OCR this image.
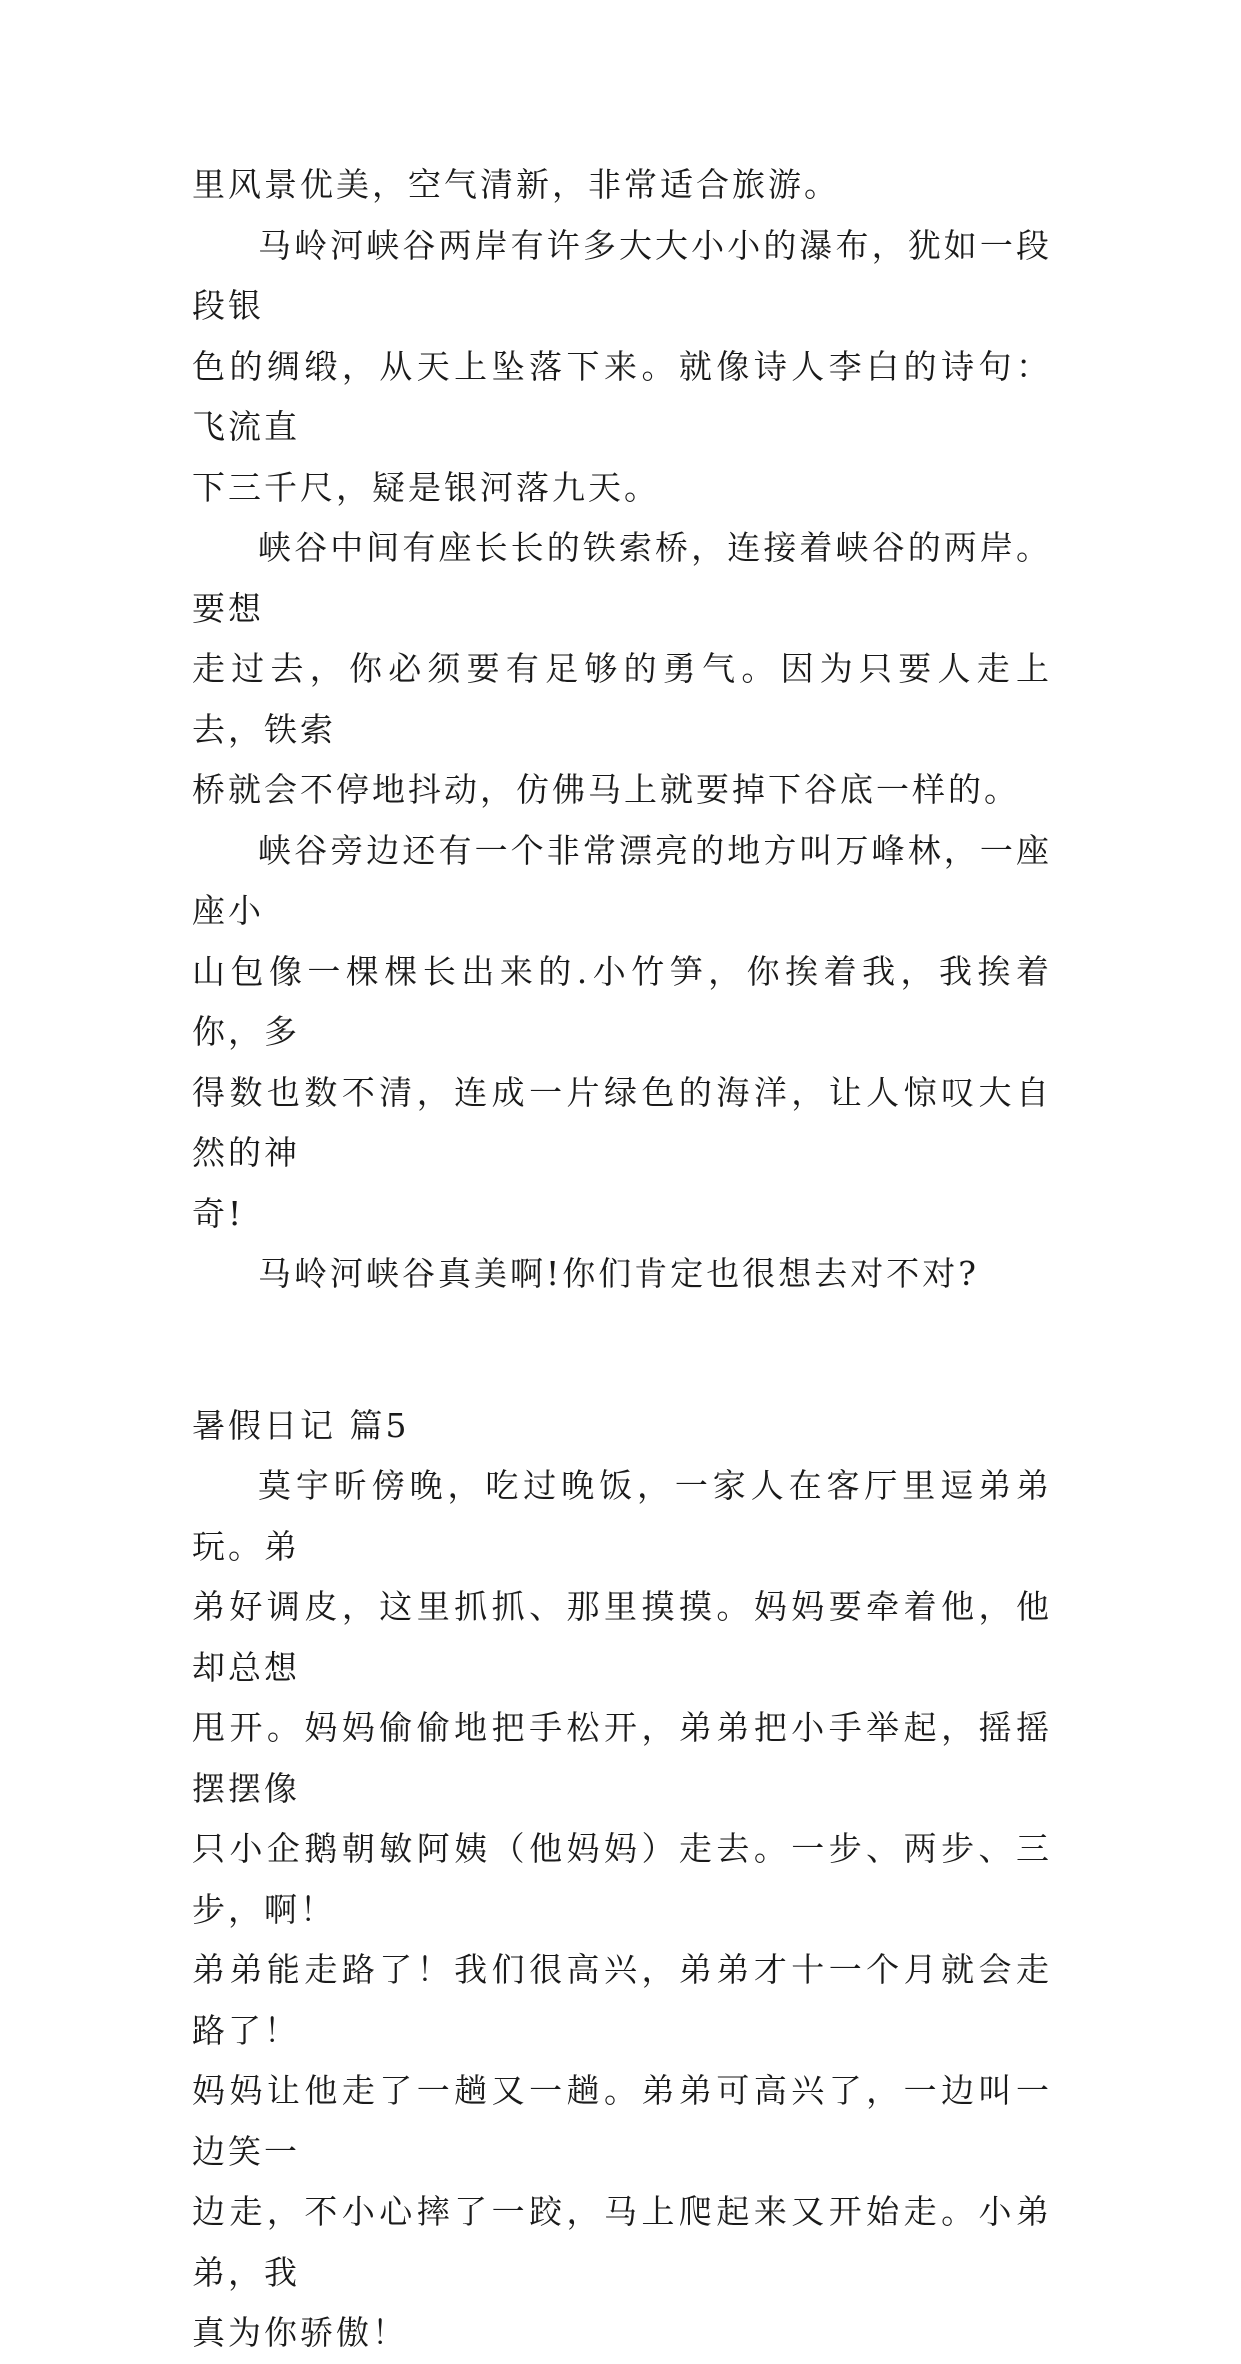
里风景优美，空气清新，非常适合旅游。

马岭河峡谷两岸有许多大大小小的瀑布，犹如一段段银
色的绸缎，从天上坠落下来。就像诗人李白的诗句：飞流直
下三千尺，疑是银河落九天。

峡谷中间有座长长的铁索桥，连接着峡谷的两岸。要想
走过去，你必须要有足够的勇气。因为只要人走上去，铁索
桥就会不停地抖动，仿佛马上就要掉下谷底一样的。

峡谷旁边还有一个非常漂亮的地方叫万峰林，一座座小
山包像一棵棵长出来的.小竹笋，你挨着我，我挨着你，多
得数也数不清，连成一片绿色的海洋，让人惊叹大自然的神
奇!

马岭河峡谷真美啊!你们肯定也很想去对不对?

暑假日记 篇5

莫宇昕傍晚，吃过晚饭，一家人在客厅里逗弟弟玩。弟
弟好调皮，这里抓抓、那里摸摸。妈妈要牵着他，他却总想
甩开。妈妈偷偷地把手松开，弟弟把小手举起，摇摇摆摆像
只小企鹅朝敏阿姨（他妈妈）走去。一步、两步、三步，啊！
弟弟能走路了！我们很高兴，弟弟才十一个月就会走路了！
妈妈让他走了一趟又一趟。弟弟可高兴了，一边叫一边笑一
边走，不小心摔了一跤，马上爬起来又开始走。小弟弟，我
真为你骄傲！
